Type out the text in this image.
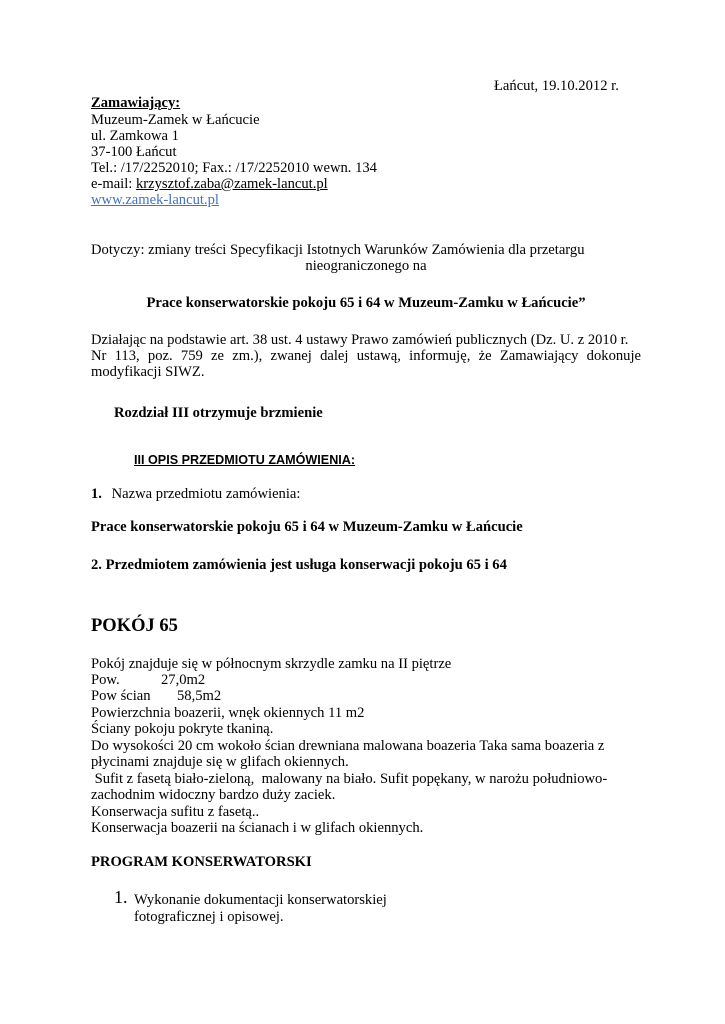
Łańcut, 19.10.2012 r.
Zamawiający:
Muzeum-Zamek w Łańcucie
ul. Zamkowa 1
37-100 Łańcut
Tel.: /17/2252010; Fax.: /17/2252010 wewn. 134
e-mail: krzysztof.zaba@zamek-lancut.pl
www.zamek-lancut.pl
Dotyczy: zmiany treści Specyfikacji Istotnych Warunków Zamówienia dla przetargu
nieograniczonego na
Prace konserwatorskie pokoju 65 i 64 w Muzeum-Zamku w Łańcucie”
Działając na podstawie art. 38 ust. 4 ustawy Prawo zamówień publicznych (Dz. U. z 2010 r.
Nr 113, poz. 759 ze zm.), zwanej dalej ustawą, informuję, że Zamawiający dokonuje
modyfikacji SIWZ.
Rozdział III otrzymuje brzmienie
III OPIS PRZEDMIOTU ZAMÓWIENIA:
1. Nazwa przedmiotu zamówienia:
Prace konserwatorskie pokoju 65 i 64 w Muzeum-Zamku w Łańcucie
2. Przedmiotem zamówienia jest usługa konserwacji pokoju 65 i 64
POKÓJ 65
Pokój znajduje się w północnym skrzydle zamku na II piętrze
Pow.	27,0m2
Pow ścian 58,5m2
Powierzchnia boazerii, wnęk okiennych 11 m2
Ściany pokoju pokryte tkaniną.
Do wysokości 20 cm wokoło ścian drewniana malowana boazeria Taka sama boazeria z
płycinami znajduje się w glifach okiennych.
Sufit z fasetą biało-zieloną,  malowany na biało. Sufit popękany, w narożu południowo-
zachodnim widoczny bardzo duży zaciek.
Konserwacja sufitu z fasetą..
Konserwacja boazerii na ścianach i w glifach okiennych.
PROGRAM KONSERWATORSKI
1. Wykonanie dokumentacji konserwatorskiej
fotograficznej i opisowej.
